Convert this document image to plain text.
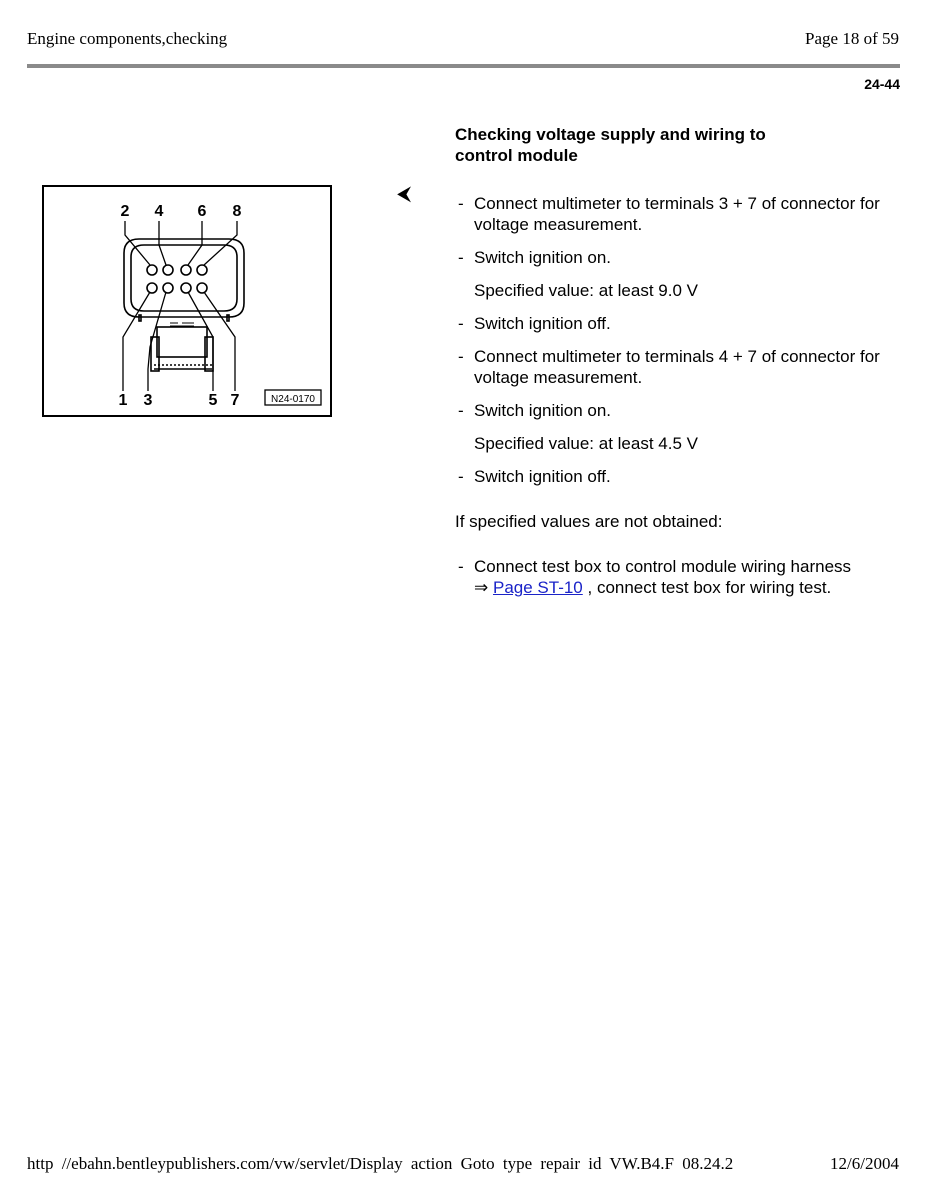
Engine components,checking	Page 18 of 59
24-44
2 4 6 8
1 3	5 7	N24-0170
⮜
Checking voltage supply and wiring to control module
- Connect multimeter to terminals 3 + 7 of connector for voltage measurement.
- Switch ignition on.
Specified value: at least 9.0 V
- Switch ignition off.
- Connect multimeter to terminals 4 + 7 of connector for voltage measurement.
- Switch ignition on.
Specified value: at least 4.5 V
- Switch ignition off.
If specified values are not obtained:
- Connect test box to control module wiring harness
⇒ Page ST-10 , connect test box for wiring test.
http //ebahn.bentleypublishers.com/vw/servlet/Display action Goto type repair id VW.B4.F 08.24.2	12/6/2004
